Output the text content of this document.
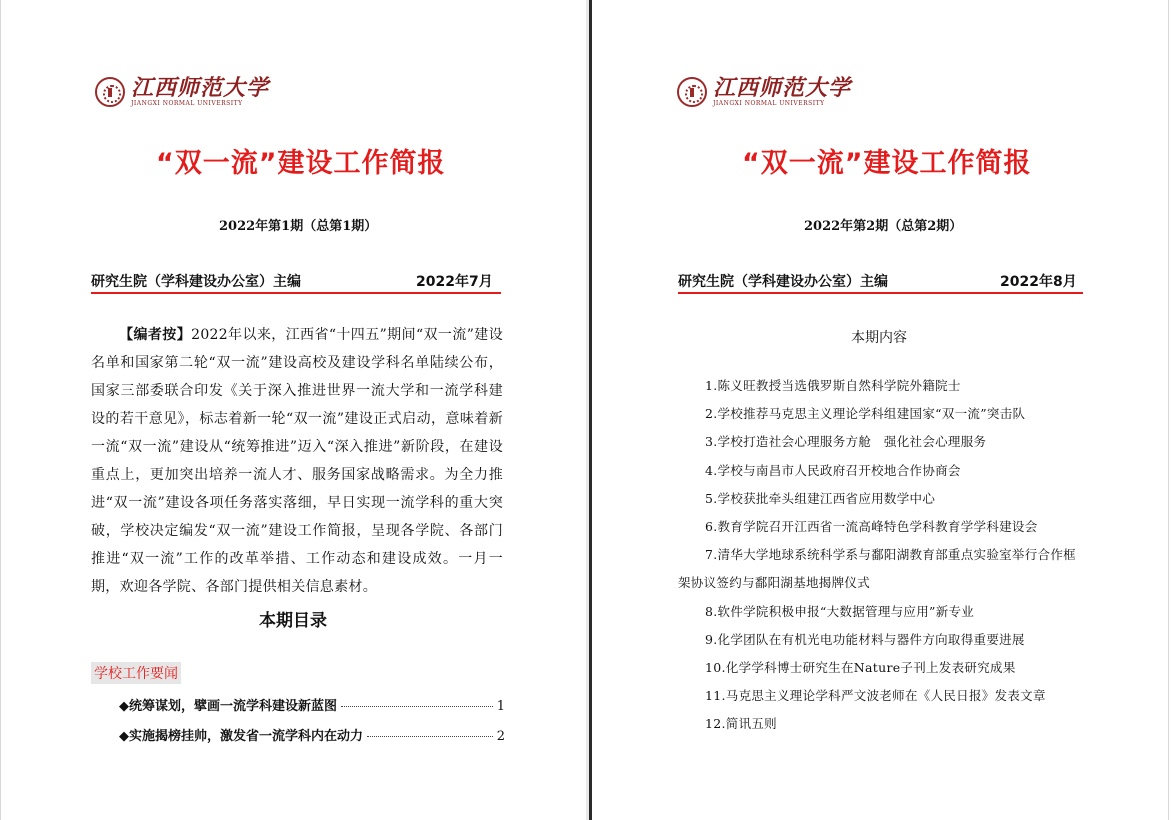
江西师范大学
JIANGXI NORMAL UNIVERSITY
“双一流”建设工作简报
2022年第1期（总第1期）
研究生院（学科建设办公室）主编	2022年7月
【编者按】2022年以来，江西省“十四五”期间“双一流”建设名单和国家第二轮“双一流”建设高校及建设学科名单陆续公布，国家三部委联合印发《关于深入推进世界一流大学和一流学科建设的若干意见》，标志着新一轮“双一流”建设正式启动，意味着新一流“双一流”建设从“统筹推进”迈入“深入推进”新阶段，在建设重点上，更加突出培养一流人才、服务国家战略需求。为全力推进“双一流”建设各项任务落实落细，早日实现一流学科的重大突破，学校决定编发“双一流”建设工作简报，呈现各学院、各部门推进“双一流”工作的改革举措、工作动态和建设成效。一月一期，欢迎各学院、各部门提供相关信息素材。
本期目录
学校工作要闻
◆统筹谋划，擘画一流学科建设新蓝图	1
◆实施揭榜挂帅，激发省一流学科内在动力	2
江西师范大学
JIANGXI NORMAL UNIVERSITY
“双一流”建设工作简报
2022年第2期（总第2期）
研究生院（学科建设办公室）主编	2022年8月
本期内容
1.陈义旺教授当选俄罗斯自然科学院外籍院士
2.学校推荐马克思主义理论学科组建国家“双一流”突击队
3.学校打造社会心理服务方舱　强化社会心理服务
4.学校与南昌市人民政府召开校地合作协商会
5.学校获批牵头组建江西省应用数学中心
6.教育学院召开江西省一流高峰特色学科教育学学科建设会
7.清华大学地球系统科学系与鄱阳湖教育部重点实验室举行合作框架协议签约与鄱阳湖基地揭牌仪式
8.软件学院积极申报“大数据管理与应用”新专业
9.化学团队在有机光电功能材料与器件方向取得重要进展
10.化学学科博士研究生在Nature子刊上发表研究成果
11.马克思主义理论学科严文波老师在《人民日报》发表文章
12.简讯五则
